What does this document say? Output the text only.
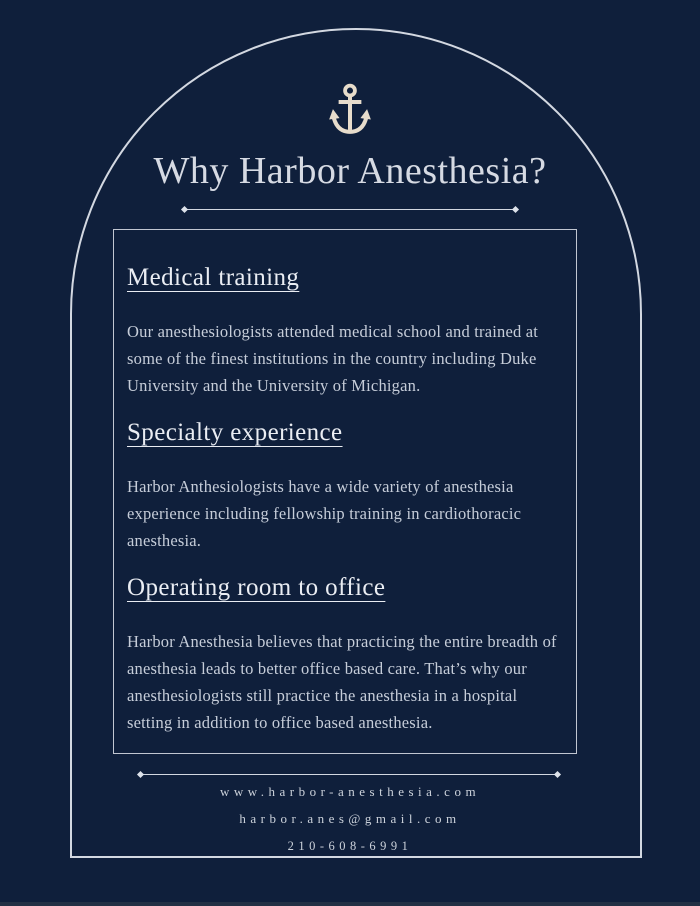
Why Harbor Anesthesia?
Medical training

Our anesthesiologists attended medical school and trained at some of the finest institutions in the country including Duke University and the University of Michigan.

Specialty experience

Harbor Anthesiologists have a wide variety of anesthesia experience including fellowship training in cardiothoracic anesthesia.

Operating room to office

Harbor Anesthesia believes that practicing the entire breadth of anesthesia leads to better office based care. That’s why our anesthesiologists still practice the anesthesia in a hospital setting in addition to office based anesthesia.

www.harbor-anesthesia.com
harbor.anes@gmail.com
210-608-6991
